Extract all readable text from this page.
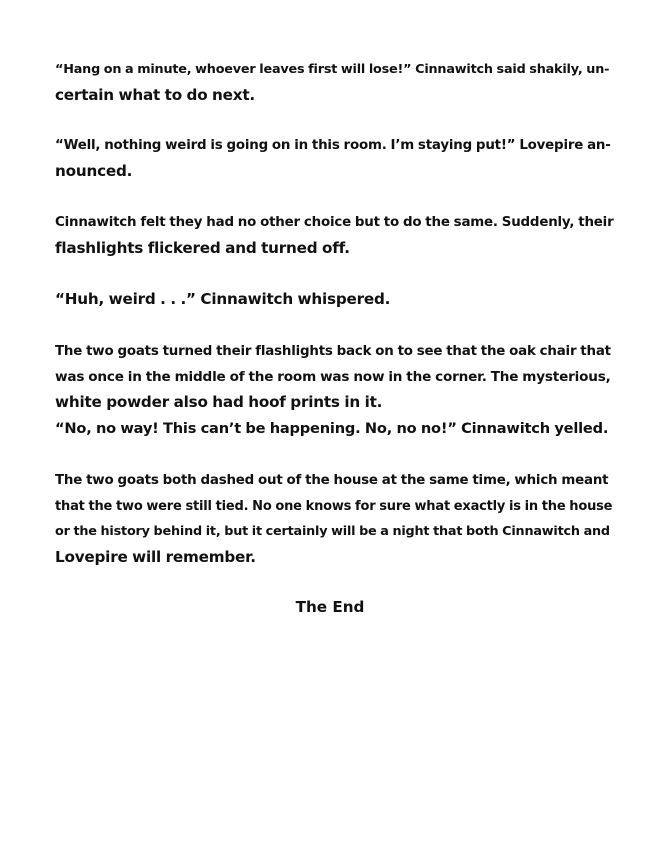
“Hang on a minute, whoever leaves first will lose!” Cinnawitch said shakily, un-
certain what to do next.
“Well, nothing weird is going on in this room. I’m staying put!” Lovepire an-
nounced.
Cinnawitch felt they had no other choice but to do the same. Suddenly, their
flashlights flickered and turned off.
“Huh, weird . . .” Cinnawitch whispered.
The two goats turned their flashlights back on to see that the oak chair that
was once in the middle of the room was now in the corner. The mysterious,
white powder also had hoof prints in it.
“No, no way! This can’t be happening. No, no no!” Cinnawitch yelled.
The two goats both dashed out of the house at the same time, which meant
that the two were still tied. No one knows for sure what exactly is in the house
or the history behind it, but it certainly will be a night that both Cinnawitch and
Lovepire will remember.
The End
